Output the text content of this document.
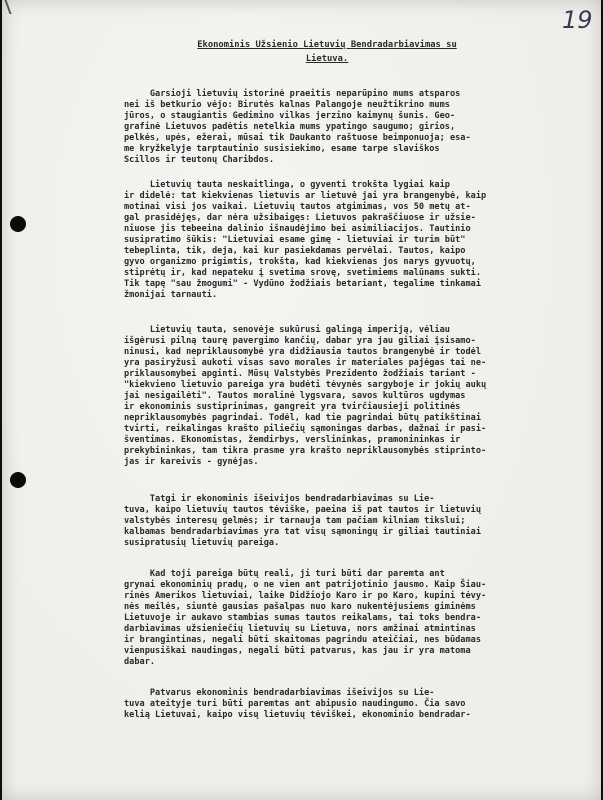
19
Ekonominis Užsienio Lietuvių Bendradarbiavimas su
Lietuva.
Garsioji lietuvių istorinė praeitis neparūpino mums atsparos
nei iš betkurio vėjo: Birutės kalnas Palangoje neužtikrino mums
jūros, o staugiantis Gedimino vilkas jerzino kaimynų šunis. Geo-
grafinė Lietuvos padėtis netelkia mums ypatingo saugumo; girios,
pelkės, upės, ežerai, mūsai tik Daukanto raštuose beimponuoja; esa-
me kryžkelyje tarptautinio susisiekimo, esame tarpe slaviškos
Scillos ir teutonų Charibdos.
Lietuvių tauta neskaitlinga, o gyventi trokšta lygiai kaip
ir didelė: tat kiekvienas lietuvis ar lietuvė jai yra brangenybė, kaip
motinai visi jos vaikai. Lietuvių tautos atgimimas, vos 50 metų at-
gal prasidėjęs, dar nėra užsibaigęs: Lietuvos pakraščiuose ir užsie-
niuose jis tebeeina dalinio išnaudėjimo bei asimiliacijos. Tautinio
susipratimo šūkis: "Lietuviai esame gimę - lietuviai ir turim būt"
tebeplinta, tik, deja, kai kur pasiekdamas pervėlai. Tautos, kaipo
gyvo organizmo prigimtis, trokšta, kad kiekvienas jos narys gyvuotų,
stiprėtų ir, kad nepateku į svetima srovę, svetimiems malūnams sukti.
Tik tapę "sau žmogumi" - Vydūno žodžiais betariant, tegalime tinkamai
žmonijai tarnauti.
Lietuvių tauta, senovėje sukūrusi galingą imperiją, vėliau
išgėrusi pilną taurę pavergimo kančių, dabar yra jau giliai įsisamo-
ninusi, kad nepriklausomybė yra didžiausia tautos brangenybė ir todėl
yra pasiryžusi aukoti visas savo morales ir materiales pajėgas tai ne-
priklausomybei apginti. Mūsų Valstybės Prezidento žodžiais tariant -
"kiekvieno lietuvio pareiga yra budėti tėvynės sargyboje ir jokių aukų
jai nesigailėti". Tautos moralinė lygsvara, savos kultūros ugdymas
ir ekonominis sustiprinimas, gangreit yra tvirčiausieji politinės
nepriklausomybės pagrindai. Todėl, kad tie pagrindai būtų patikštinai
tvirti, reikalingas krašto piliečių sąmoningas darbas, dažnai ir pasi-
šventimas. Ekonomistas, žemdirbys, verslininkas, pramonininkas ir
prekybininkas, tam tikra prasme yra krašto nepriklausomybės stiprinto-
jas ir kareivis - gynėjas.
Tatgi ir ekonominis išeivijos bendradarbiavimas su Lie-
tuva, kaipo lietuvių tautos tėviške, paeina iš pat tautos ir lietuvių
valstybės interesų gelmės; ir tarnauja tam pačiam kilniam tikslui;
kalbamas bendradarbiavimas yra tat visų sąmoningų ir giliai tautiniai
susipratusių lietuvių pareiga.
Kad toji pareiga būtų reali, ji turi būti dar paremta ant
grynai ekonominių pradų, o ne vien ant patrijotinio jausmo. Kaip Šiau-
rinės Amerikos lietuviai, laike Didžiojo Karo ir po Karo, kupini tėvy-
nės meilės, siuntė gausias pašalpas nuo karo nukentėjusiems giminėms
Lietuvoje ir aukavo stambias sumas tautos reikalams, tai toks bendra-
darbiavimas užsieniečių lietuvių su Lietuva, nors amžinai atmintinas
ir brangintinas, negali būti skaitomas pagrindu ateičiai, nes būdamas
vienpusiškai naudingas, negali būti patvarus, kas jau ir yra matoma
dabar.
Patvarus ekonominis bendradarbiavimas išeivijos su Lie-
tuva ateityje turi būti paremtas ant abipusio naudingumo. Čia savo
kelią Lietuvai, kaipo visų lietuvių tėviškei, ekonominio bendradar-
